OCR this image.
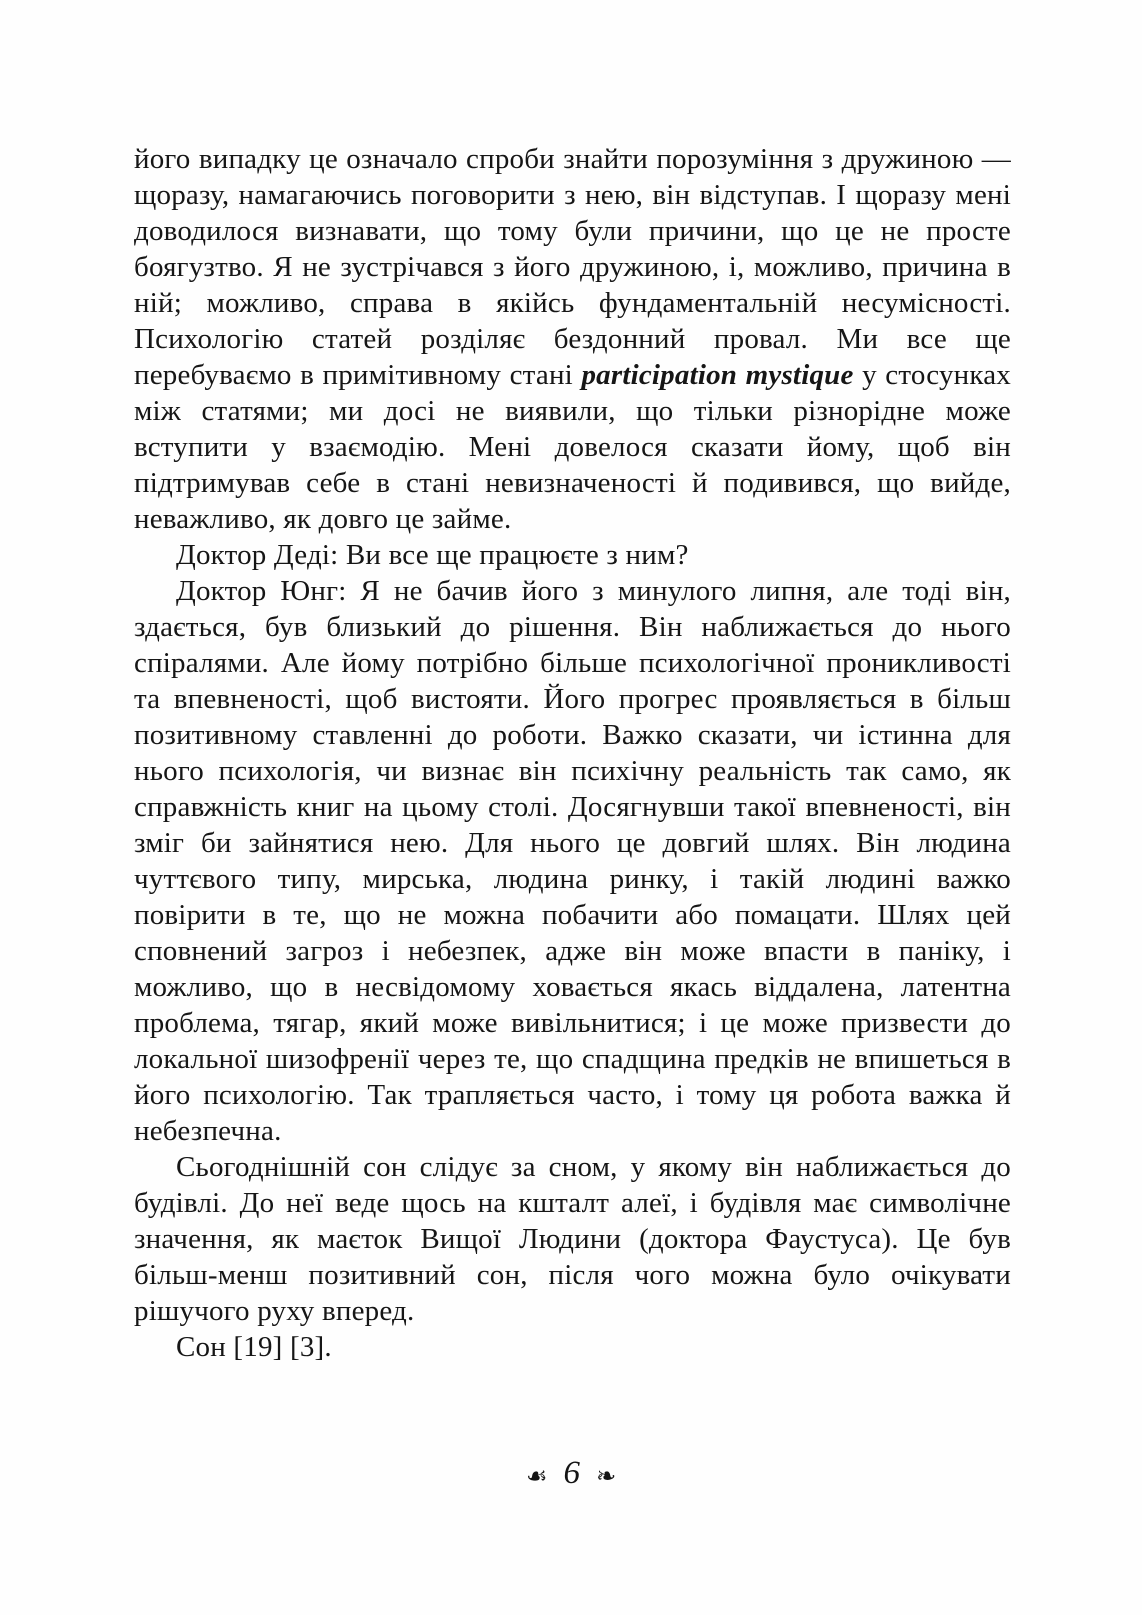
його випадку це означало спроби знайти порозуміння з дружиною — щоразу, намагаючись поговорити з нею, він відступав. І щоразу мені доводилося визнавати, що тому були причини, що це не просте боягузтво. Я не зустрічався з його дружиною, і, можливо, причина в ній; можливо, справа в якійсь фундаментальній несумісності. Психологію статей розділяє бездонний провал. Ми все ще перебуваємо в примітивному стані participation mystique у стосунках між статями; ми досі не виявили, що тільки різнорідне може вступити у взаємодію. Мені довелося сказати йому, щоб він підтримував себе в стані невизначеності й подивився, що вийде, неважливо, як довго це займе.

Доктор Деді: Ви все ще працюєте з ним?

Доктор Юнг: Я не бачив його з минулого липня, але тоді він, здається, був близький до рішення. Він наближається до нього спіралями. Але йому потрібно більше психологічної проникливості та впевненості, щоб вистояти. Його прогрес проявляється в більш позитивному ставленні до роботи. Важко сказати, чи істинна для нього психологія, чи визнає він психічну реальність так само, як справжність книг на цьому столі. Досягнувши такої впевненості, він зміг би зайнятися нею. Для нього це довгий шлях. Він людина чуттєвого типу, мирська, людина ринку, і такій людині важко повірити в те, що не можна побачити або помацати. Шлях цей сповнений загроз і небезпек, адже він може впасти в паніку, і можливо, що в несвідомому ховається якась віддалена, латентна проблема, тягар, який може вивільнитися; і це може призвести до локальної шизофренії через те, що спадщина предків не впишеться в його психологію. Так трапляється часто, і тому ця робота важка й небезпечна.

Сьогоднішній сон слідує за сном, у якому він наближається до будівлі. До неї веде щось на кшталт алеї, і будівля має символічне значення, як маєток Вищої Людини (доктора Фаустуса). Це був більш-менш позитивний сон, після чого можна було очікувати рішучого руху вперед.

Сон [19] [3].

☙ 6 ❧
